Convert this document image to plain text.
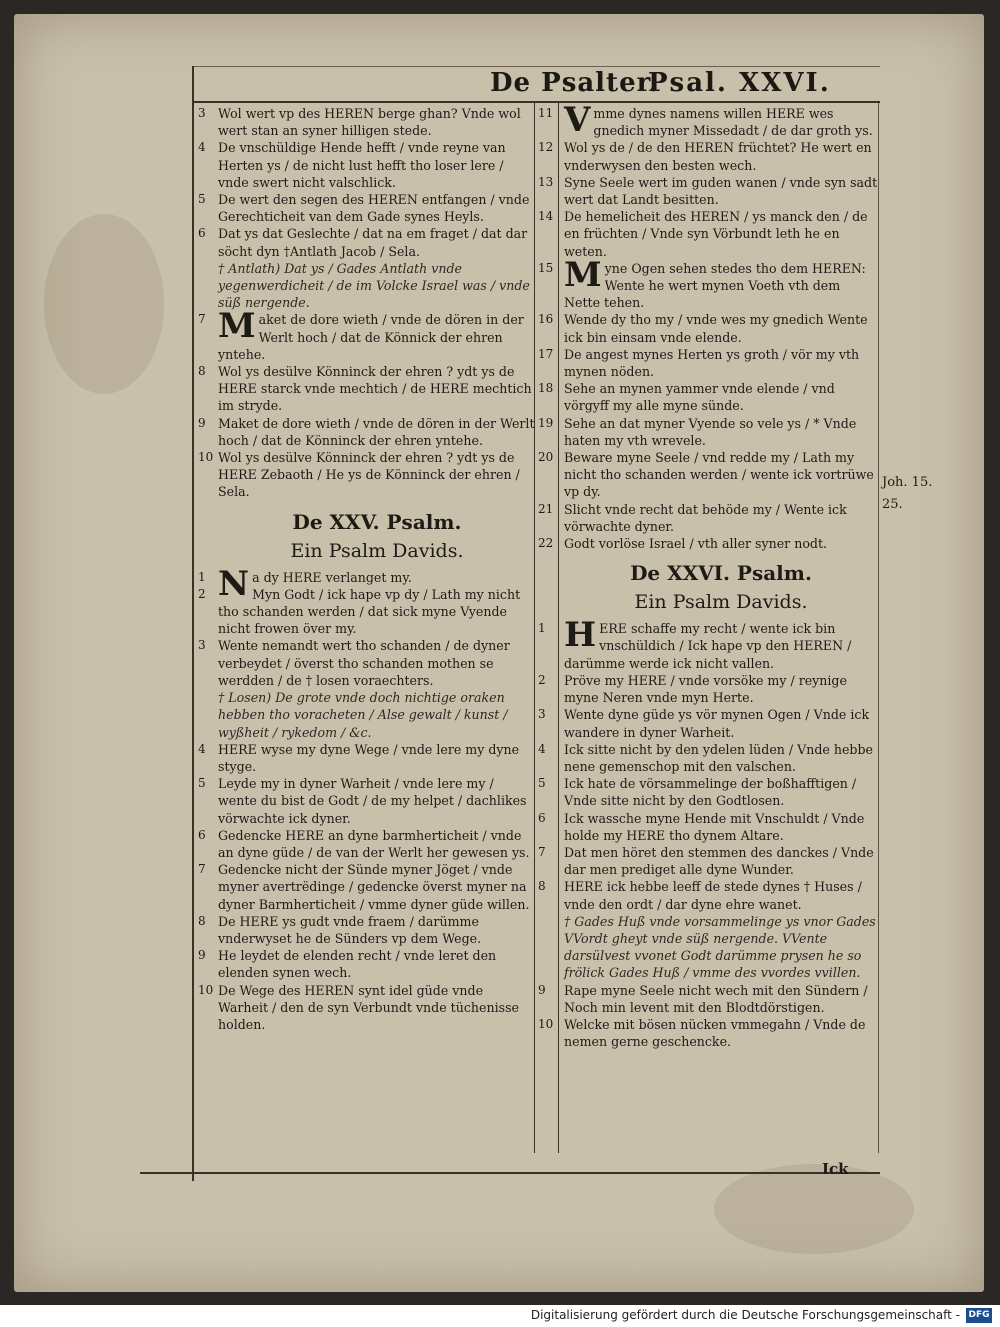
De Psalter.
Psal. XXVI.
3 Wol wert vp des HEREN berge ghan? Vnde wol wert stan an syner hilligen stede.
4 De vnschüldige Hende hefft / vnde reyne van Herten ys / de nicht lust hefft tho loser lere / vnde swert nicht valschlick.
5 De wert den segen des HEREN entfangen / vnde Gerechticheit van dem Gade synes Heyls.
6 Dat ys dat Geslechte / dat na em fraget / dat dar söcht dyn †Antlath Jacob / Sela.
† Antlath) Dat ys / Gades Antlath vnde yegenwerdicheit / de im Volcke Israel was / vnde süß nergende.
7 Maket de dore wieth / vnde de dören in der Werlt hoch / dat de Könnick der ehren yntehe.
8 Wol ys desülve Könninck der ehren ? ydt ys de HERE starck vnde mechtich / de HERE mechtich im stryde.
9 Maket de dore wieth / vnde de dören in der Werlt hoch / dat de Könninck der ehren yntehe.
10 Wol ys desülve Könninck der ehren ? ydt ys de HERE Zebaoth / He ys de Könninck der ehren / Sela.
De XXV. Psalm.
Ein Psalm Davids.
1 Na dy HERE verlanget my.
2	Myn Godt / ick hape vp dy / Lath my nicht tho schanden werden / dat sick myne Vyende nicht frowen över my.
3 Wente nemandt wert tho schanden / de dyner verbeydet / överst tho schanden mothen se werdden / de † losen voraechters.
† Losen) De grote vnde doch nichtige oraken hebben tho voracheten / Alse gewalt / kunst / wyßheit / rykedom / &c.
4 HERE wyse my dyne Wege / vnde lere my dyne styge.
5 Leyde my in dyner Warheit / vnde lere my / wente du bist de Godt / de my helpet / dachlikes vörwachte ick dyner.
6 Gedencke HERE an dyne barmherticheit / vnde an dyne güde / de van der Werlt her gewesen ys.
7 Gedencke nicht der Sünde myner Jöget / vnde myner avertrëdinge / gedencke överst myner na dyner Barmherticheit / vmme dyner güde willen.
8 De HERE ys gudt vnde fraem / darümme vnderwyset he de Sünders vp dem Wege.
9 He leydet de elenden recht / vnde leret den elenden synen wech.
10 De Wege des HEREN synt idel güde vnde Warheit / den de syn Verbundt vnde tüchenisse holden.
11 Vmme dynes namens willen HERE wes gnedich myner Missedadt / de dar groth ys.
12 Wol ys de / de den HEREN früchtet? He wert en vnderwysen den besten wech.
13 Syne Seele wert im guden wanen / vnde syn sadt wert dat Landt besitten.
14 De hemelicheit des HEREN / ys manck den / de en früchten / Vnde syn Vörbundt leth he en weten.
15 Myne Ogen sehen stedes tho dem HEREN: Wente he wert mynen Voeth vth dem Nette tehen.
16 Wende dy tho my / vnde wes my gnedich Wente ick bin einsam vnde elende.
17 De angest mynes Herten ys groth / vör my vth mynen nöden.
18 Sehe an mynen yammer vnde elende / vnd vörgyff my alle myne sünde.
19 Sehe an dat myner Vyende so vele ys / * Vnde haten my vth wrevele.
20 Beware myne Seele / vnd redde my / Lath my nicht tho schanden werden / wente ick vortrüwe vp dy.
21 Slicht vnde recht dat behöde my / Wente ick vörwachte dyner.
22 Godt vorlöse Israel / vth aller syner nodt.
De XXVI. Psalm.
Ein Psalm Davids.
1 HERE schaffe my recht / wente ick bin vnschüldich / Ick hape vp den HEREN / darümme werde ick nicht vallen.
2 Pröve my HERE / vnde vorsöke my / reynige myne Neren vnde myn Herte.
3 Wente dyne güde ys vör mynen Ogen / Vnde ick wandere in dyner Warheit.
4 Ick sitte nicht by den ydelen lüden / Vnde hebbe nene gemenschop mit den valschen.
5 Ick hate de vörsammelinge der boßhafftigen / Vnde sitte nicht by den Godtlosen.
6 Ick wassche myne Hende mit Vnschuldt / Vnde holde my HERE tho dynem Altare.
7 Dat men höret den stemmen des danckes / Vnde dar men prediget alle dyne Wunder.
8 HERE ick hebbe leeff de stede dynes † Huses / vnde den ordt / dar dyne ehre wanet.
† Gades Huß vnde vorsammelinge ys vnor Gades VVordt gheyt vnde süß nergende. VVente darsülvest vvonet Godt darümme prysen he so frölick Gades Huß / vmme des vvordes vvillen.
9 Rape myne Seele nicht wech mit den Sündern / Noch min levent mit den Blodtdörstigen.
10 Welcke mit bösen nücken vmmegahn / Vnde de nemen gerne geschencke.
Joh. 15.
25.
Ick
Digitalisierung gefördert durch die Deutsche Forschungsgemeinschaft - DFG
